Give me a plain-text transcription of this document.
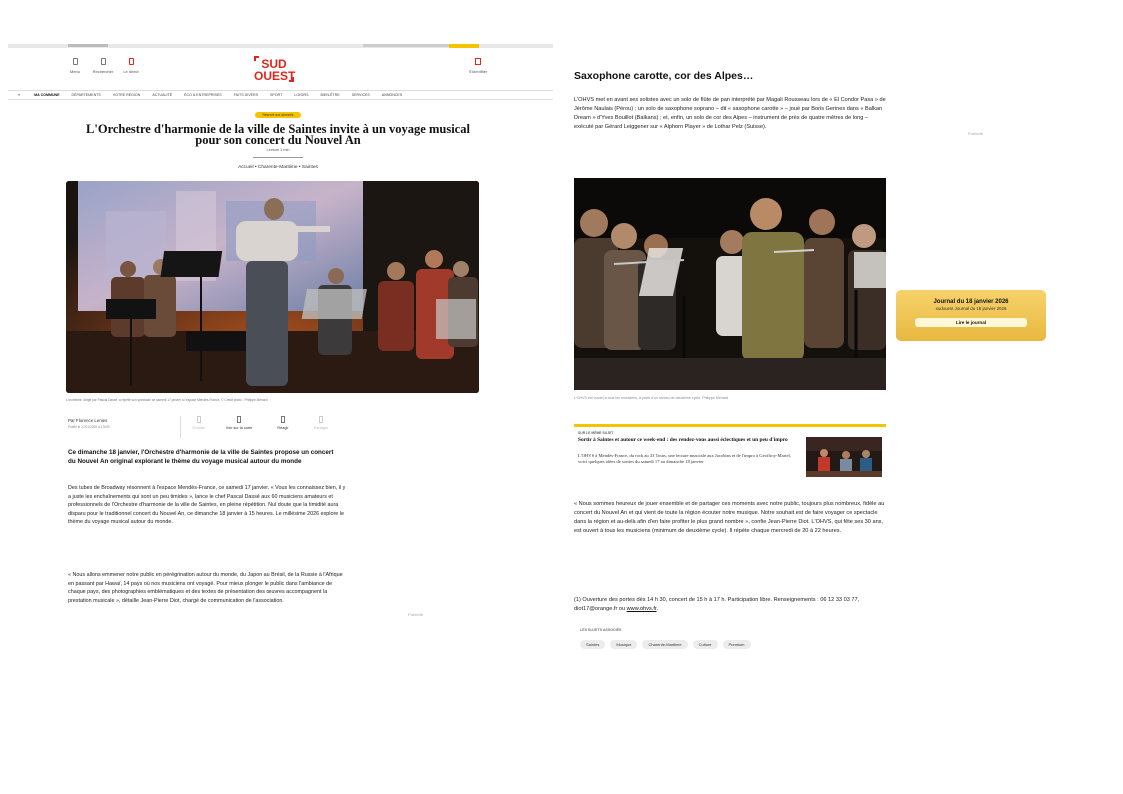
Menu	Rechercher	Le direct
SUD
OUEST	S'identifier
≡	MA COMMUNE	DÉPARTEMENTS	VOTRE RÉGION	ACTUALITÉ	ÉCO & ENTREPRISES	FAITS DIVERS	SPORT	LOISIRS	BIEN-ÊTRE	SERVICES	ANNONCES
Réservé aux abonnés
L'Orchestre d'harmonie de la ville de Saintes invite à un voyage musical pour son concert du Nouvel An
Lecture 1 min
Accueil • Charente-Maritime • Saintes
L'orchestre, dirigé par Pascal Dassé, a répété son spectacle ce samedi 17 janvier à l'espace Mendès-France. © Crédit photo : Philippe Ménard
Par Florence Lenies
Publié le 17/01/2026 à 17h09	Écouter	Voir sur la carte	Réagir	Partager

Ce dimanche 18 janvier, l'Orchestre d'harmonie de la ville de Saintes propose un concert du Nouvel An original explorant le thème du voyage musical autour du monde

Des tubes de Broadway résonnent à l'espace Mendès-France, ce samedi 17 janvier. « Vous les connaissez bien, il y a juste les enchaînements qui sont un peu timides », lance le chef Pascal Dassé aux 60 musiciens amateurs et professionnels de l'Orchestre d'harmonie de la ville de Saintes, en pleine répétition. Nul doute que la timidité aura disparu pour le traditionnel concert du Nouvel An, ce dimanche 18 janvier à 15 heures. Le millésime 2026 explore le thème du voyage musical autour du monde.

« Nous allons emmener notre public en pérégrination autour du monde, du Japon au Brésil, de la Russie à l'Afrique en passant par Hawaï, 14 pays où nos musiciens ont voyagé. Pour mieux plonger le public dans l'ambiance de chaque pays, des photographies emblématiques et des textes de présentation des œuvres accompagnent la prestation musicale », détaille Jean-Pierre Diot, chargé de communication de l'association.

Publicité
Saxophone carotte, cor des Alpes…

L'OHVS met en avant ses solistes avec un solo de flûte de pan interprété par Magali Rousseau lors de « El Condor Pasa » de Jérôme Naulais (Pérou) ; un solo de saxophone soprano – dit « saxophone carotte » – joué par Boris Gerines dans « Balkan Dream » d'Yves Bouillot (Balkans) ; et, enfin, un solo de cor des Alpes – instrument de près de quatre mètres de long – exécuté par Gérard Leiggener sur « Alphorn Player » de Lothar Pelz (Suisse).

Publicité
L'OHVS est ouvert à tous les musiciens, à partir d'un niveau de deuxième cycle. Philippe Ménard
SUR LE MÊME SUJET
Sortir à Saintes et autour ce week-end : des rendez-vous aussi éclectiques et un peu d'impro
L'OHVS à Mendès-France, du rock au 33 Tours, une lecture musicale aux Jacobins et de l'impro à Geoffroy-Martel, voici quelques idées de sorties du samedi 17 au dimanche 18 janvier

« Nous sommes heureux de jouer ensemble et de partager ces moments avec notre public, toujours plus nombreux, fidèle au concert du Nouvel An et qui vient de toute la région écouter notre musique. Notre souhait est de faire voyager ce spectacle dans la région et au-delà afin d'en faire profiter le plus grand nombre », confie Jean-Pierre Diot. L'OHVS, qui fête ses 30 ans, est ouvert à tous les musiciens (minimum de deuxième cycle). Il répète chaque mercredi de 20 à 22 heures.

(1) Ouverture des portes dès 14 h 30, concert de 15 h à 17 h. Participation libre. Renseignements : 06 12 33 03 77, diot17@orange.fr ou www.ohvs.fr.

LES SUJETS ASSOCIÉS
Saintes	Musique	Charente-Maritime	Culture	Premium
Journal du 18 janvier 2026
sudouest Journal du 18 janvier 2026
Lire le journal
